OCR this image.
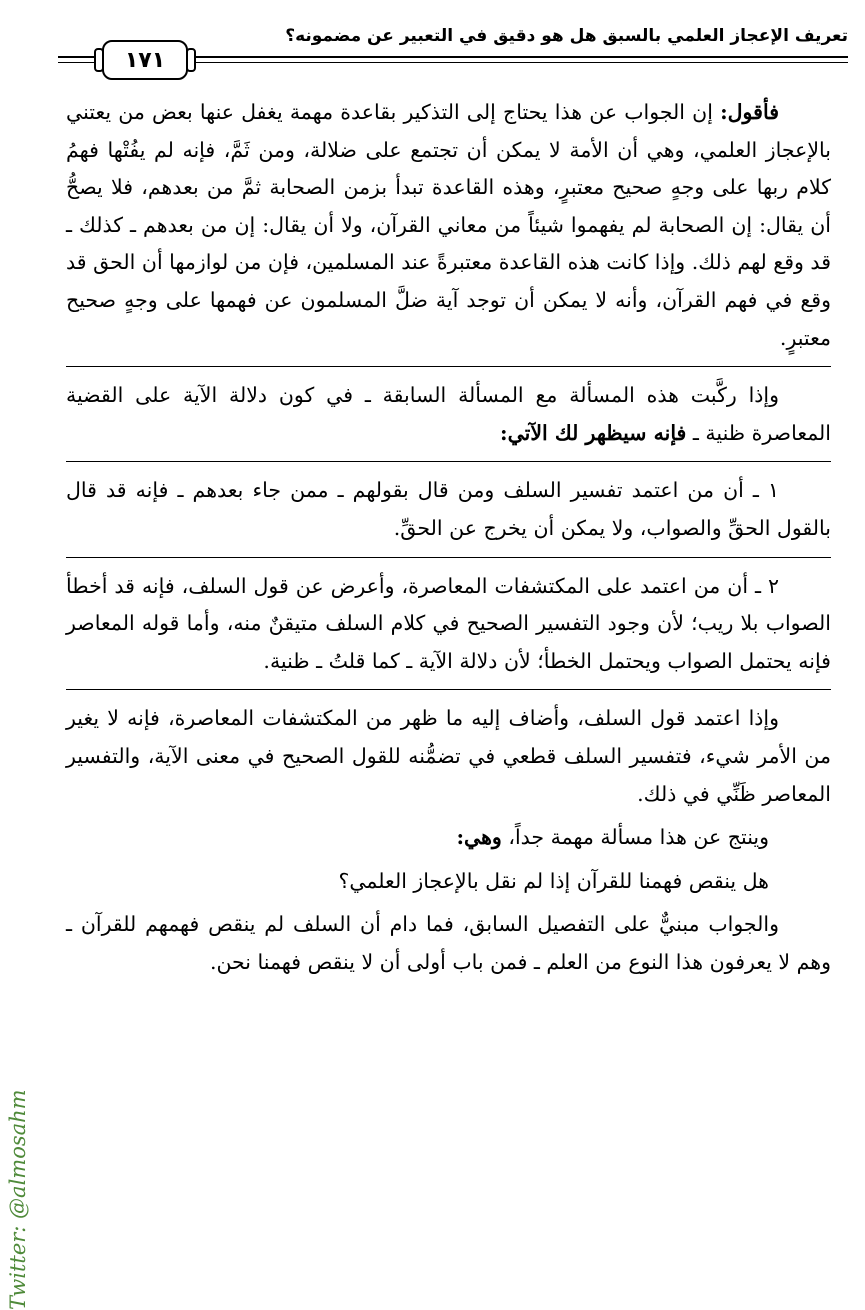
تعريف الإعجاز العلمي بالسبق هل هو دقيق في التعبير عن مضمونه؟
١٧١

فأقول: إن الجواب عن هذا يحتاج إلى التذكير بقاعدة مهمة يغفل عنها بعض من يعتني بالإعجاز العلمي، وهي أن الأمة لا يمكن أن تجتمع على ضلالة، ومن ثَمَّ، فإنه لم يفُتْها فهمُ كلام ربها على وجهٍ صحيح معتبرٍ، وهذه القاعدة تبدأ بزمن الصحابة ثمَّ من بعدهم، فلا يصحُّ أن يقال: إن الصحابة لم يفهموا شيئاً من معاني القرآن، ولا أن يقال: إن من بعدهم ـ كذلك ـ قد وقع لهم ذلك. وإذا كانت هذه القاعدة معتبرةً عند المسلمين، فإن من لوازمها أن الحق قد وقع في فهم القرآن، وأنه لا يمكن أن توجد آية ضلَّ المسلمون عن فهمها على وجهٍ صحيح معتبرٍ.

وإذا ركَّبت هذه المسألة مع المسألة السابقة ـ في كون دلالة الآية على القضية المعاصرة ظنية ـ فإنه سيظهر لك الآتي:

١ ـ أن من اعتمد تفسير السلف ومن قال بقولهم ـ ممن جاء بعدهم ـ فإنه قد قال بالقول الحقِّ والصواب، ولا يمكن أن يخرج عن الحقِّ.

٢ ـ أن من اعتمد على المكتشفات المعاصرة، وأعرض عن قول السلف، فإنه قد أخطأ الصواب بلا ريب؛ لأن وجود التفسير الصحيح في كلام السلف متيقنٌ منه، وأما قوله المعاصر فإنه يحتمل الصواب ويحتمل الخطأ؛ لأن دلالة الآية ـ كما قلتُ ـ ظنية.

وإذا اعتمد قول السلف، وأضاف إليه ما ظهر من المكتشفات المعاصرة، فإنه لا يغير من الأمر شيء، فتفسير السلف قطعي في تضمُّنه للقول الصحيح في معنى الآية، والتفسير المعاصر ظَنِّي في ذلك.

وينتج عن هذا مسألة مهمة جداً، وهي:

هل ينقص فهمنا للقرآن إذا لم نقل بالإعجاز العلمي؟

والجواب مبنيٌّ على التفصيل السابق، فما دام أن السلف لم ينقص فهمهم للقرآن ـ وهم لا يعرفون هذا النوع من العلم ـ فمن باب أولى أن لا ينقص فهمنا نحن.

Twitter: @almosahm
